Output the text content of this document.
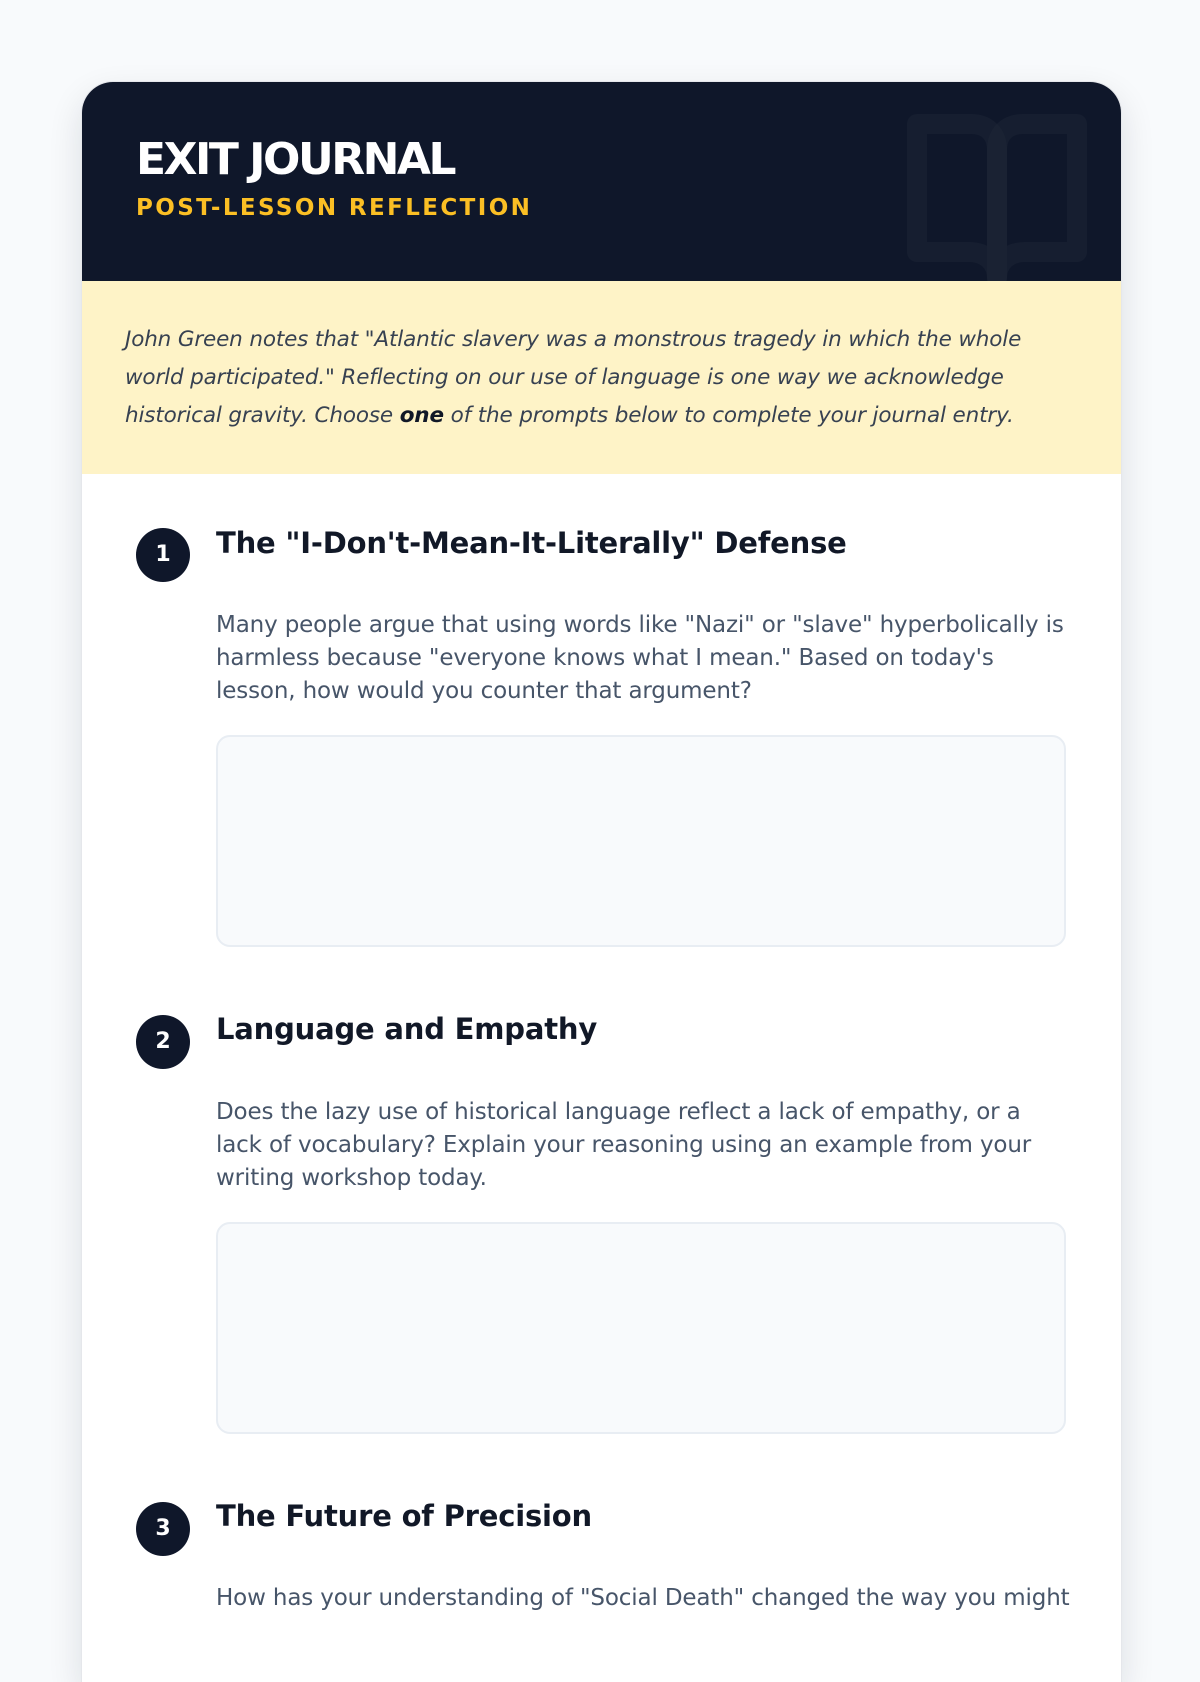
EXIT JOURNAL
POST-LESSON REFLECTION

John Green notes that "Atlantic slavery was a monstrous tragedy in which the whole world participated." Reflecting on our use of language is one way we acknowledge historical gravity. Choose one of the prompts below to complete your journal entry.

1	The "I-Don't-Mean-It-Literally" Defense

Many people argue that using words like "Nazi" or "slave" hyperbolically is harmless because "everyone knows what I mean." Based on today's lesson, how would you counter that argument?

2	Language and Empathy

Does the lazy use of historical language reflect a lack of empathy, or a lack of vocabulary? Explain your reasoning using an example from your writing workshop today.

3	The Future of Precision

How has your understanding of "Social Death" changed the way you might
